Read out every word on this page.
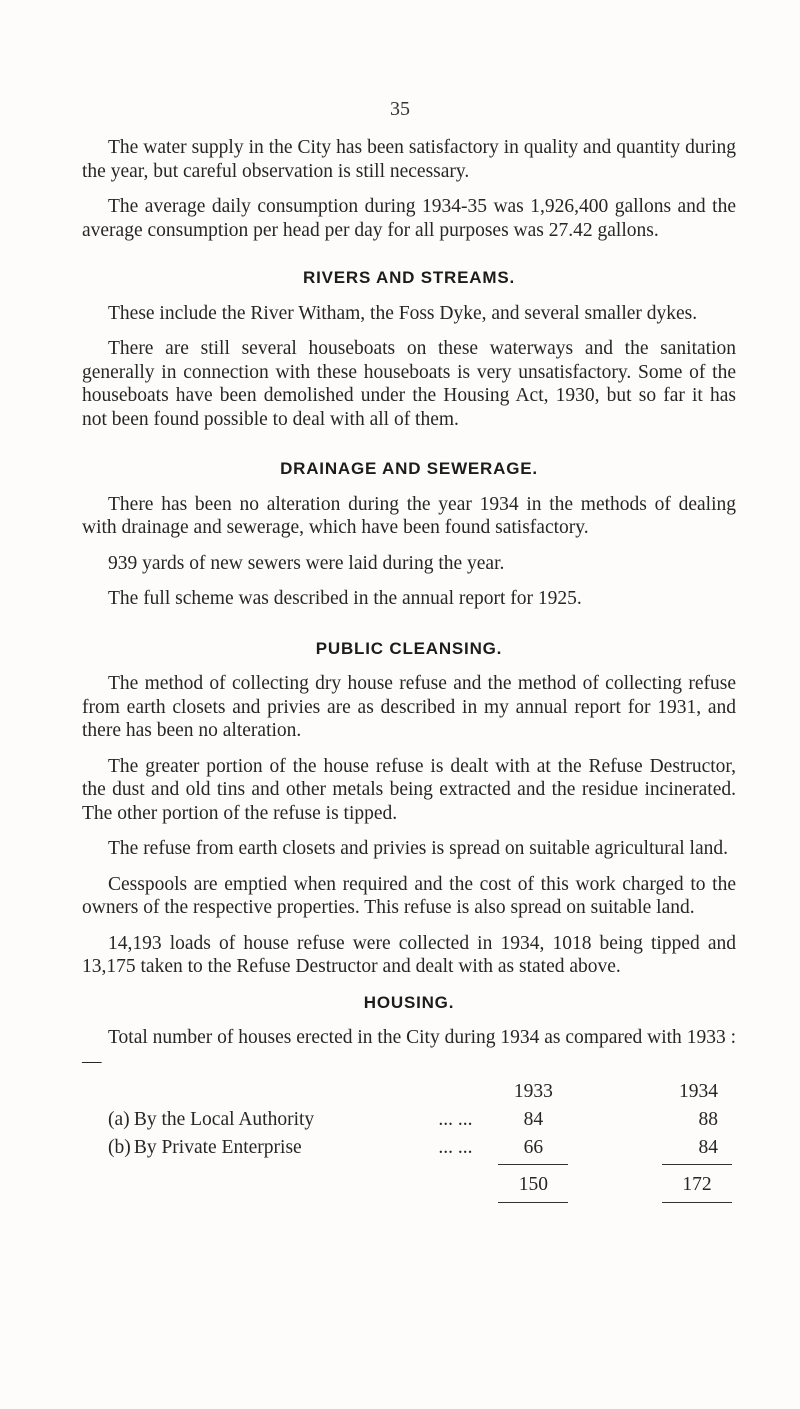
35

The water supply in the City has been satisfactory in quality and quantity during the year, but careful observation is still necessary.

The average daily consumption during 1934-35 was 1,926,400 gallons and the average consumption per head per day for all purposes was 27.42 gallons.

RIVERS AND STREAMS.

These include the River Witham, the Foss Dyke, and several smaller dykes.

There are still several houseboats on these waterways and the sanitation generally in connection with these houseboats is very unsatisfactory. Some of the houseboats have been demolished under the Housing Act, 1930, but so far it has not been found possible to deal with all of them.

DRAINAGE AND SEWERAGE.

There has been no alteration during the year 1934 in the methods of dealing with drainage and sewerage, which have been found satisfactory.

939 yards of new sewers were laid during the year.

The full scheme was described in the annual report for 1925.

PUBLIC CLEANSING.

The method of collecting dry house refuse and the method of collecting refuse from earth closets and privies are as described in my annual report for 1931, and there has been no alteration.

The greater portion of the house refuse is dealt with at the Refuse Destructor, the dust and old tins and other metals being extracted and the residue incinerated. The other portion of the refuse is tipped.

The refuse from earth closets and privies is spread on suitable agricultural land.

Cesspools are emptied when required and the cost of this work charged to the owners of the respective properties. This refuse is also spread on suitable land.

14,193 loads of house refuse were collected in 1934, 1018 being tipped and 13,175 taken to the Refuse Destructor and dealt with as stated above.

HOUSING.

Total number of houses erected in the City during 1934 as compared with 1933 :—

		1933	1934
(a)	By the Local Authority ... ...	84	88
(b)	By Private Enterprise ... ...	66	84
		150	172
